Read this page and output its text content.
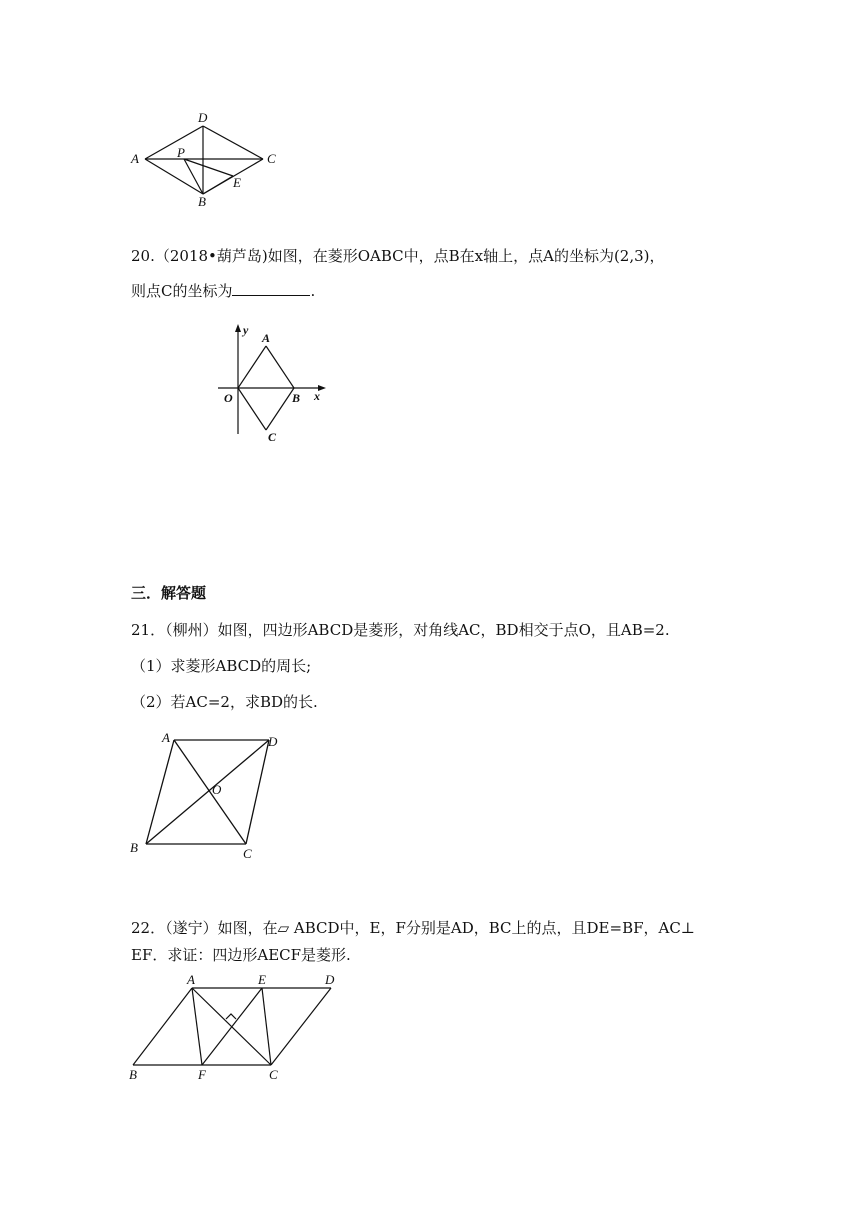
D
A	P	C
E
B
20.（2018•葫芦岛)如图，在菱形OABC中，点B在x轴上，点A的坐标为(2,3)，
则点C的坐标为	.
y
A
O	B x
C
三．解答题
21．（柳州）如图，四边形ABCD是菱形，对角线AC，BD相交于点O，且AB=2.
（1）求菱形ABCD的周长;
（2）若AC=2，求BD的长.
A	D
O
B	C
22．（遂宁）如图，在▱ ABCD中，E，F分别是AD，BC上的点，且DE=BF，AC⊥
EF．求证：四边形AECF是菱形.
A	E	D
B	F	C
